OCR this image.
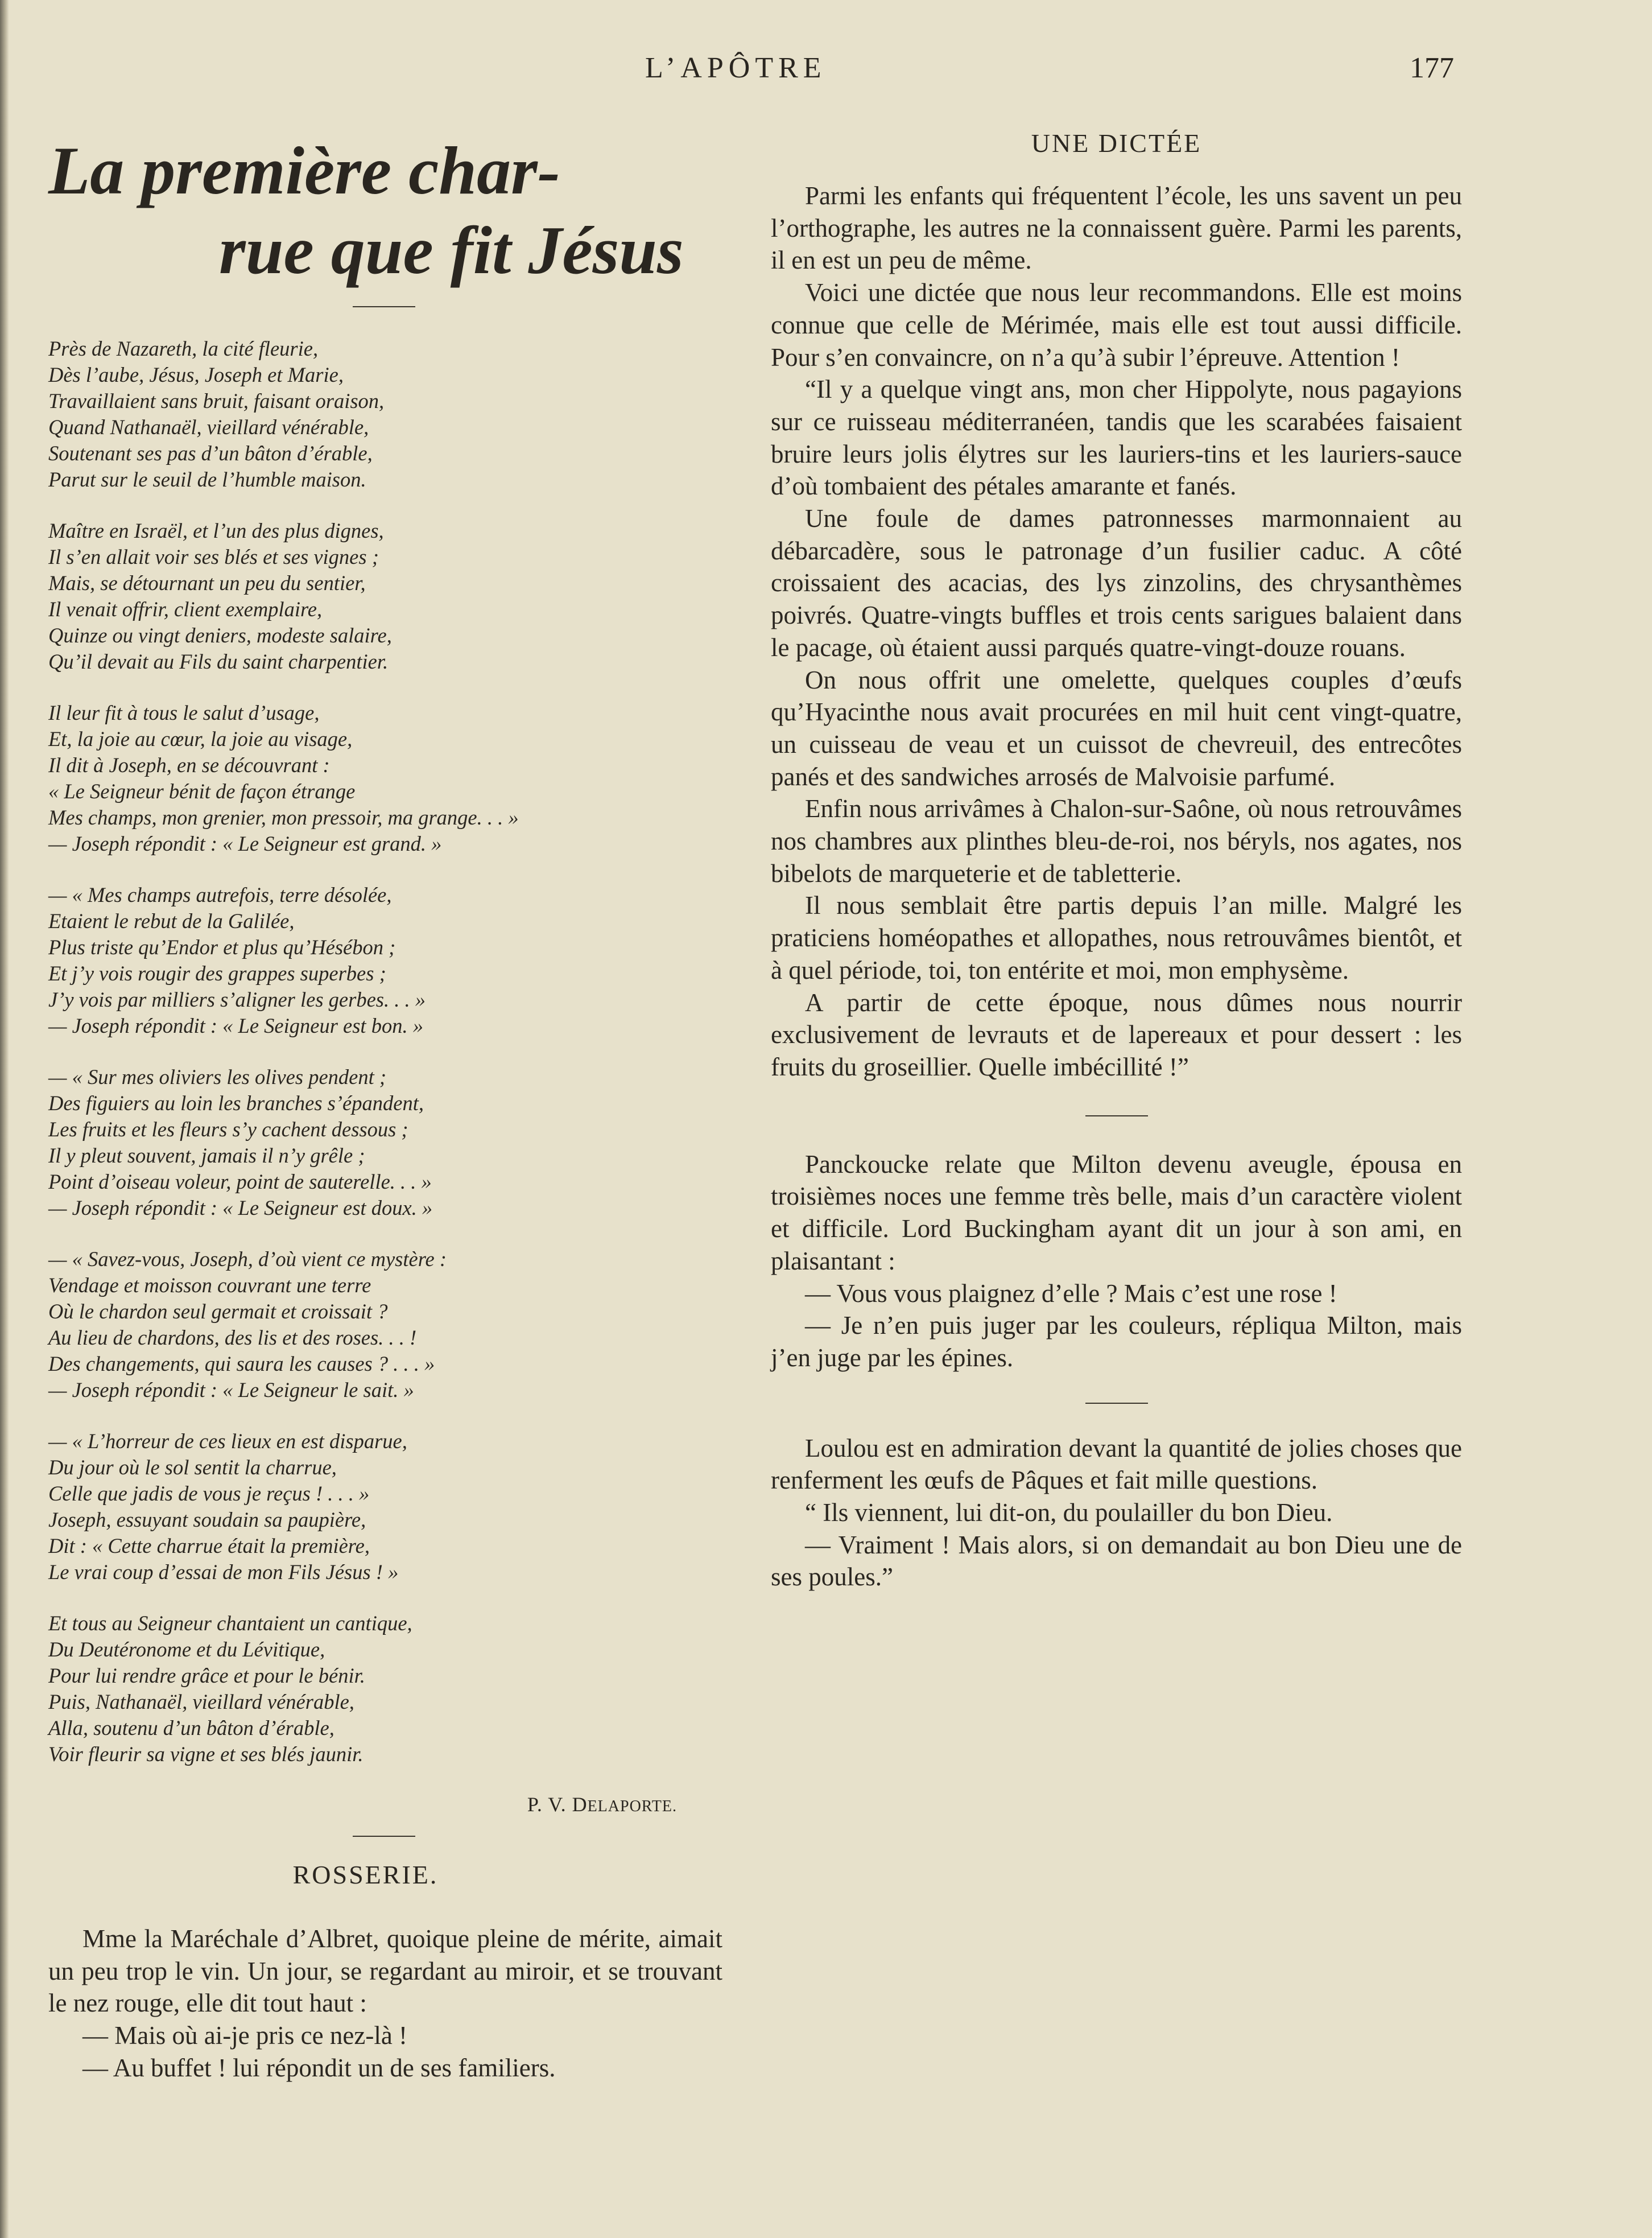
L’APÔTRE	177
La première char-
rue que fit Jésus
Près de Nazareth, la cité fleurie,
Dès l’aube, Jésus, Joseph et Marie,
Travaillaient sans bruit, faisant oraison,
Quand Nathanaël, vieillard vénérable,
Soutenant ses pas d’un bâton d’érable,
Parut sur le seuil de l’humble maison.
Maître en Israël, et l’un des plus dignes,
Il s’en allait voir ses blés et ses vignes ;
Mais, se détournant un peu du sentier,
Il venait offrir, client exemplaire,
Quinze ou vingt deniers, modeste salaire,
Qu’il devait au Fils du saint charpentier.
Il leur fit à tous le salut d’usage,
Et, la joie au cœur, la joie au visage,
Il dit à Joseph, en se découvrant :
« Le Seigneur bénit de façon étrange
Mes champs, mon grenier, mon pressoir, ma grange. . . »
— Joseph répondit : « Le Seigneur est grand. »
— « Mes champs autrefois, terre désolée,
Etaient le rebut de la Galilée,
Plus triste qu’Endor et plus qu’Hésébon ;
Et j’y vois rougir des grappes superbes ;
J’y vois par milliers s’aligner les gerbes. . . »
— Joseph répondit : « Le Seigneur est bon. »
— « Sur mes oliviers les olives pendent ;
Des figuiers au loin les branches s’épandent,
Les fruits et les fleurs s’y cachent dessous ;
Il y pleut souvent, jamais il n’y grêle ;
Point d’oiseau voleur, point de sauterelle. . . »
— Joseph répondit : « Le Seigneur est doux. »
— « Savez-vous, Joseph, d’où vient ce mystère :
Vendage et moisson couvrant une terre
Où le chardon seul germait et croissait ?
Au lieu de chardons, des lis et des roses. . . !
Des changements, qui saura les causes ? . . . »
— Joseph répondit : « Le Seigneur le sait. »
— « L’horreur de ces lieux en est disparue,
Du jour où le sol sentit la charrue,
Celle que jadis de vous je reçus ! . . . »
Joseph, essuyant soudain sa paupière,
Dit : « Cette charrue était la première,
Le vrai coup d’essai de mon Fils Jésus ! »
Et tous au Seigneur chantaient un cantique,
Du Deutéronome et du Lévitique,
Pour lui rendre grâce et pour le bénir.
Puis, Nathanaël, vieillard vénérable,
Alla, soutenu d’un bâton d’érable,
Voir fleurir sa vigne et ses blés jaunir.
P. V. DELAPORTE.
ROSSERIE.

Mme la Maréchale d’Albret, quoique pleine de mérite, aimait un peu trop le vin. Un jour, se regardant au miroir, et se trouvant le nez rouge, elle dit tout haut :

— Mais où ai-je pris ce nez-là !

— Au buffet ! lui répondit un de ses familiers.

UNE DICTÉE

Parmi les enfants qui fréquentent l’école, les uns savent un peu l’orthographe, les autres ne la connaissent guère. Parmi les parents, il en est un peu de même.

Voici une dictée que nous leur recommandons. Elle est moins connue que celle de Mérimée, mais elle est tout aussi difficile. Pour s’en convaincre, on n’a qu’à subir l’épreuve. Attention !

“Il y a quelque vingt ans, mon cher Hippolyte, nous pagayions sur ce ruisseau méditerranéen, tandis que les scarabées faisaient bruire leurs jolis élytres sur les lauriers-tins et les lauriers-sauce d’où tombaient des pétales amarante et fanés.

Une foule de dames patronnesses marmonnaient au débarcadère, sous le patronage d’un fusilier caduc. A côté croissaient des acacias, des lys zinzolins, des chrysanthèmes poivrés. Quatre-vingts buffles et trois cents sarigues balaient dans le pacage, où étaient aussi parqués quatre-vingt-douze rouans.

On nous offrit une omelette, quelques couples d’œufs qu’Hyacinthe nous avait procurées en mil huit cent vingt-quatre, un cuisseau de veau et un cuissot de chevreuil, des entrecôtes panés et des sandwiches arrosés de Malvoisie parfumé.

Enfin nous arrivâmes à Chalon-sur-Saône, où nous retrouvâmes nos chambres aux plinthes bleu-de-roi, nos béryls, nos agates, nos bibelots de marqueterie et de tabletterie.

Il nous semblait être partis depuis l’an mille. Malgré les praticiens homéopathes et allopathes, nous retrouvâmes bientôt, et à quel période, toi, ton entérite et moi, mon emphysème.

A partir de cette époque, nous dûmes nous nourrir exclusivement de levrauts et de lapereaux et pour dessert : les fruits du groseillier. Quelle imbécillité !”

Panckoucke relate que Milton devenu aveugle, épousa en troisièmes noces une femme très belle, mais d’un caractère violent et difficile. Lord Buckingham ayant dit un jour à son ami, en plaisantant :

— Vous vous plaignez d’elle ? Mais c’est une rose !

— Je n’en puis juger par les couleurs, répliqua Milton, mais j’en juge par les épines.

Loulou est en admiration devant la quantité de jolies choses que renferment les œufs de Pâques et fait mille questions.

“ Ils viennent, lui dit-on, du poulailler du bon Dieu.

— Vraiment ! Mais alors, si on demandait au bon Dieu une de ses poules.”
